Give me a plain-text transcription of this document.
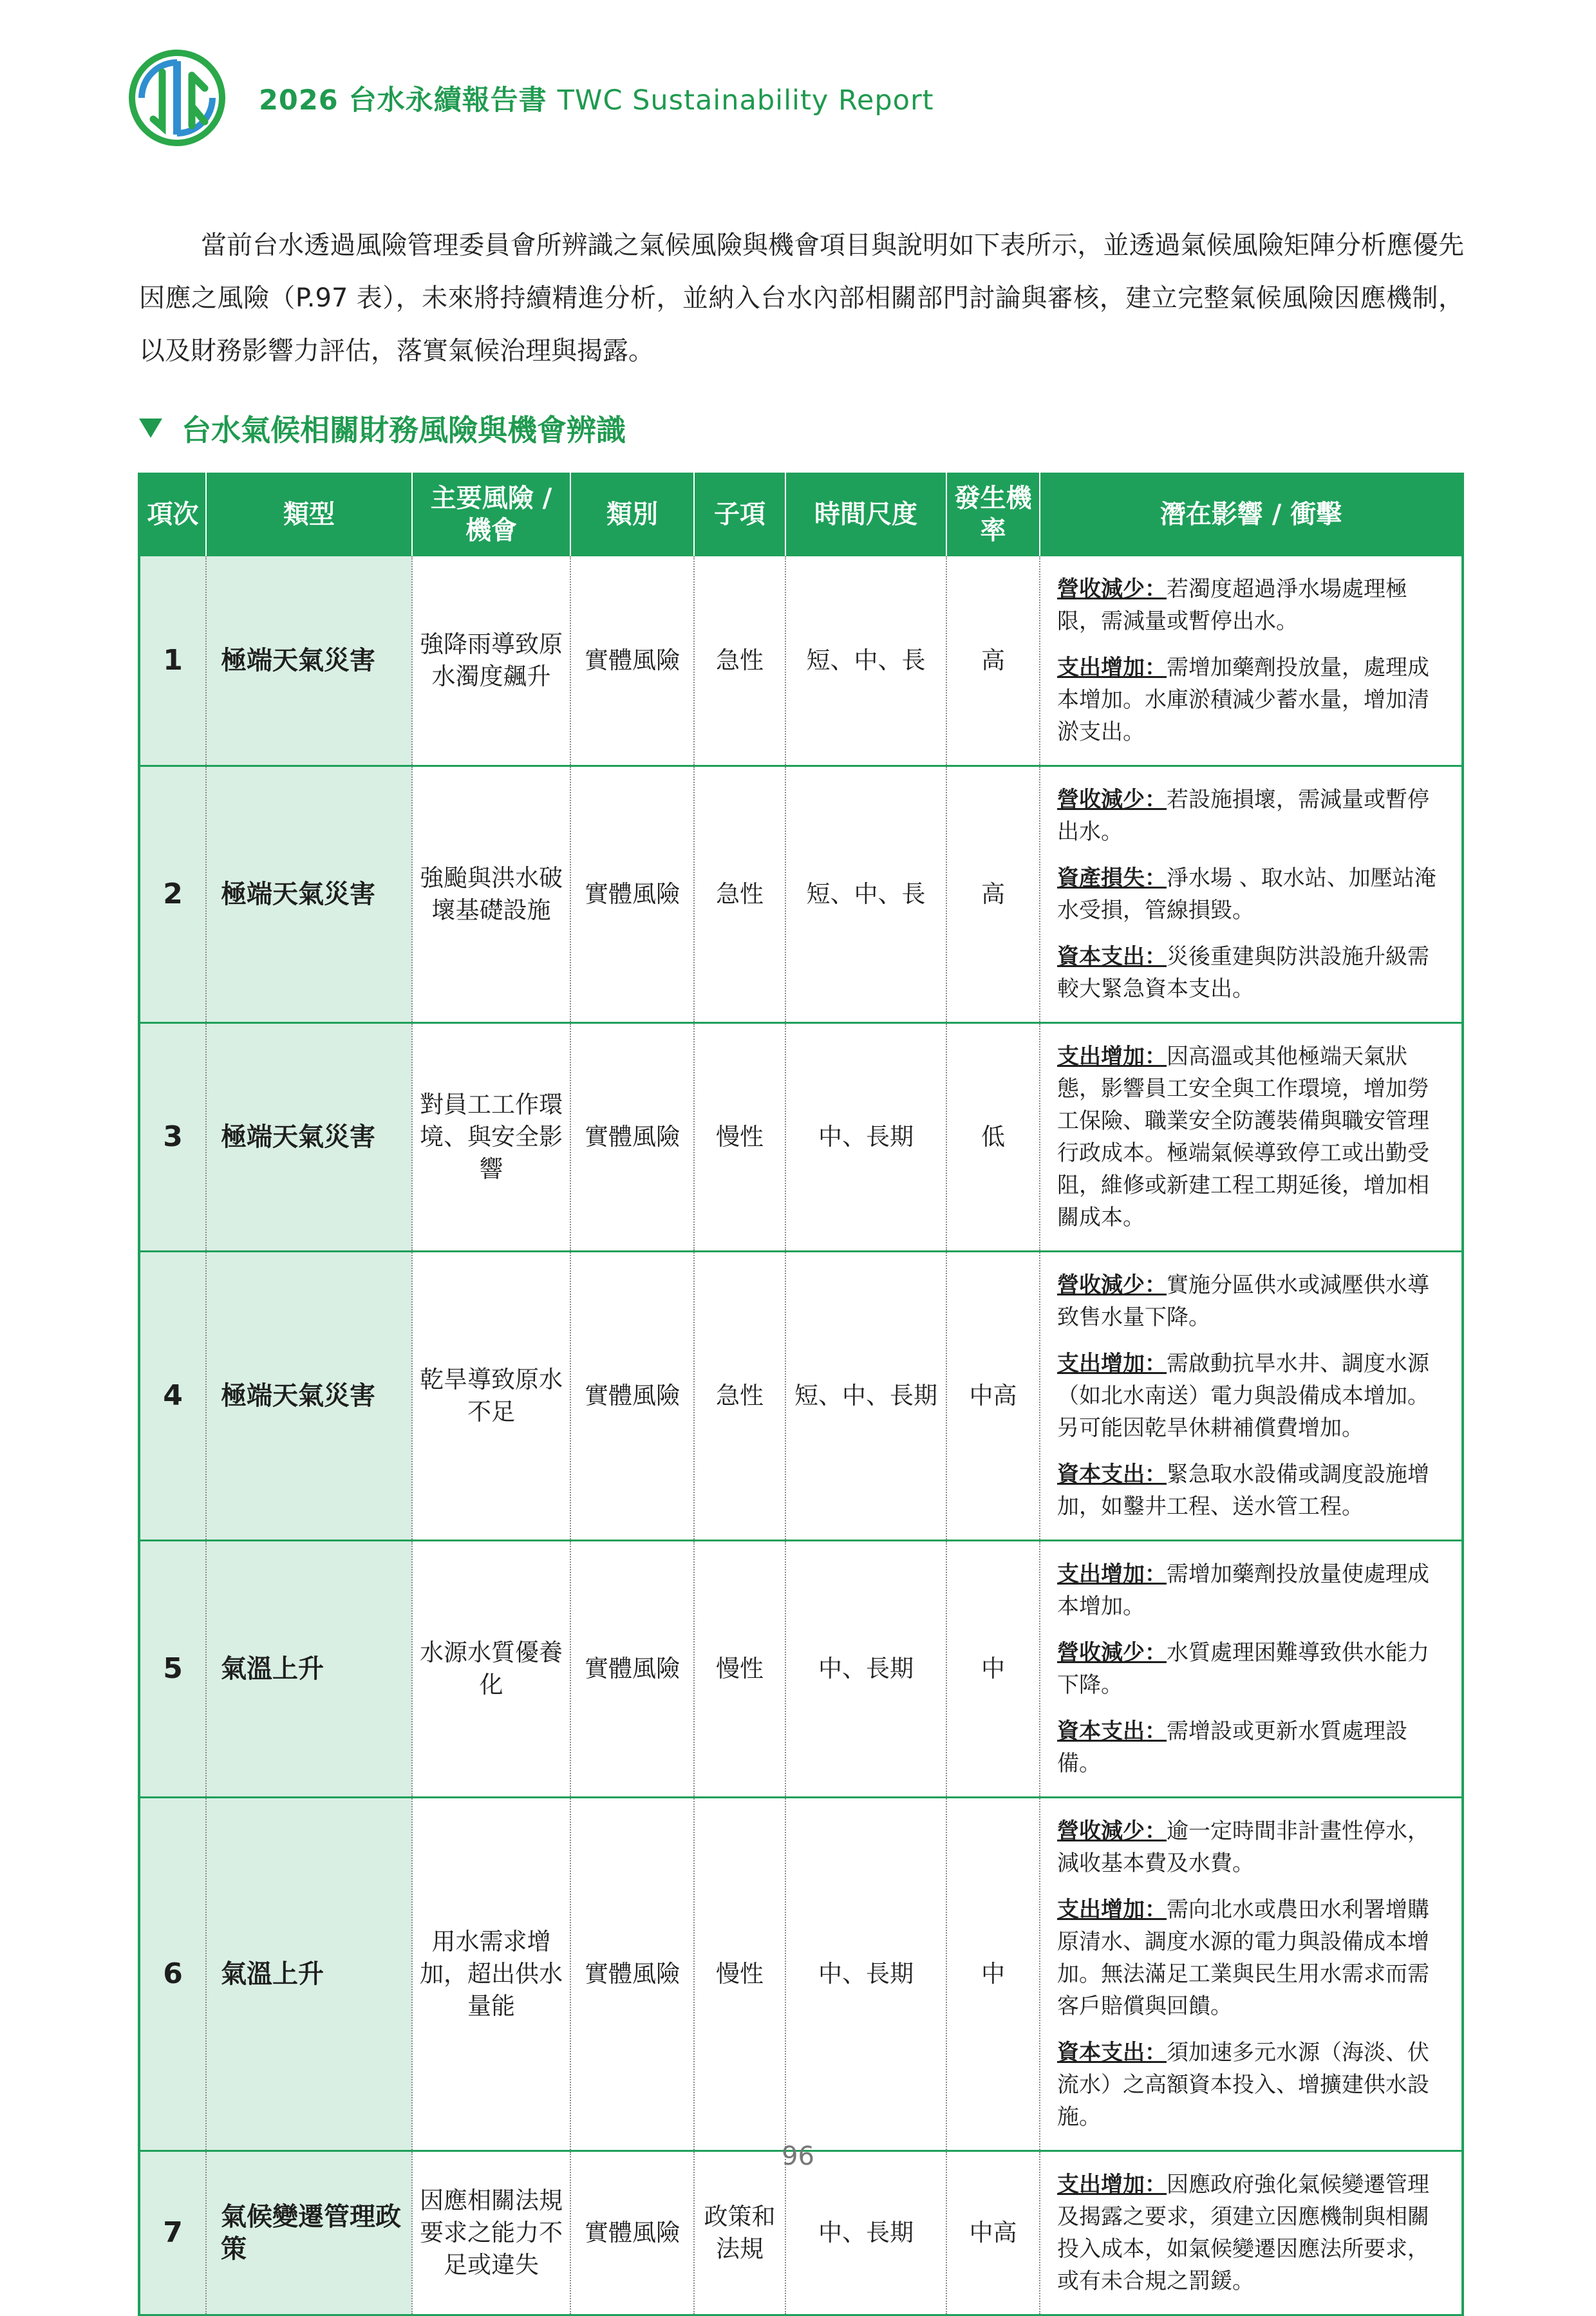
2026 台水永續報告書 TWC Sustainability Report

當前台水透過風險管理委員會所辨識之氣候風險與機會項目與說明如下表所示，並透過氣候風險矩陣分析應優先因應之風險（P.97 表），未來將持續精進分析，並納入台水內部相關部門討論與審核，建立完整氣候風險因應機制，以及財務影響力評估，落實氣候治理與揭露。

台水氣候相關財務風險與機會辨識
項次	類型	主要風險 / 機會	類別	子項	時間尺度	發生機率	潛在影響 / 衝擊
1	極端天氣災害	強降雨導致原水濁度飆升	實體風險	急性	短、中、長	高	營收減少：若濁度超過淨水場處理極限，需減量或暫停出水。
支出增加：需增加藥劑投放量，處理成本增加。水庫淤積減少蓄水量，增加清淤支出。

2	極端天氣災害	強颱與洪水破壞基礎設施	實體風險	急性	短、中、長	高	營收減少：若設施損壞，需減量或暫停出水。
資產損失：淨水場 、取水站、加壓站淹水受損，管線損毀。
資本支出：災後重建與防洪設施升級需較大緊急資本支出。

3	極端天氣災害	對員工工作環境、與安全影響	實體風險	慢性	中、長期	低	支出增加：因高溫或其他極端天氣狀態，影響員工安全與工作環境，增加勞工保險、職業安全防護裝備與職安管理行政成本。極端氣候導致停工或出勤受阻，維修或新建工程工期延後，增加相關成本。

4	極端天氣災害	乾旱導致原水不足	實體風險	急性	短、中、長期	中高	營收減少：實施分區供水或減壓供水導致售水量下降。
支出增加：需啟動抗旱水井、調度水源（如北水南送）電力與設備成本增加。另可能因乾旱休耕補償費增加。
資本支出：緊急取水設備或調度設施增加，如鑿井工程、送水管工程。

5	氣溫上升	水源水質優養化	實體風險	慢性	中、長期	中	支出增加：需增加藥劑投放量使處理成本增加。
營收減少：水質處理困難導致供水能力下降。
資本支出：需增設或更新水質處理設備。

6	氣溫上升	用水需求增加，超出供水量能	實體風險	慢性	中、長期	中	營收減少：逾一定時間非計畫性停水，減收基本費及水費。
支出增加：需向北水或農田水利署增購原清水、調度水源的電力與設備成本增加。無法滿足工業與民生用水需求而需客戶賠償與回饋。
資本支出：須加速多元水源（海淡、伏流水）之高額資本投入、增擴建供水設施。

7	氣候變遷管理政策	因應相關法規要求之能力不足或違失	實體風險	政策和法規	中、長期	中高	支出增加：因應政府強化氣候變遷管理及揭露之要求，須建立因應機制與相關投入成本，如氣候變遷因應法所要求，或有未合規之罰鍰。
96
